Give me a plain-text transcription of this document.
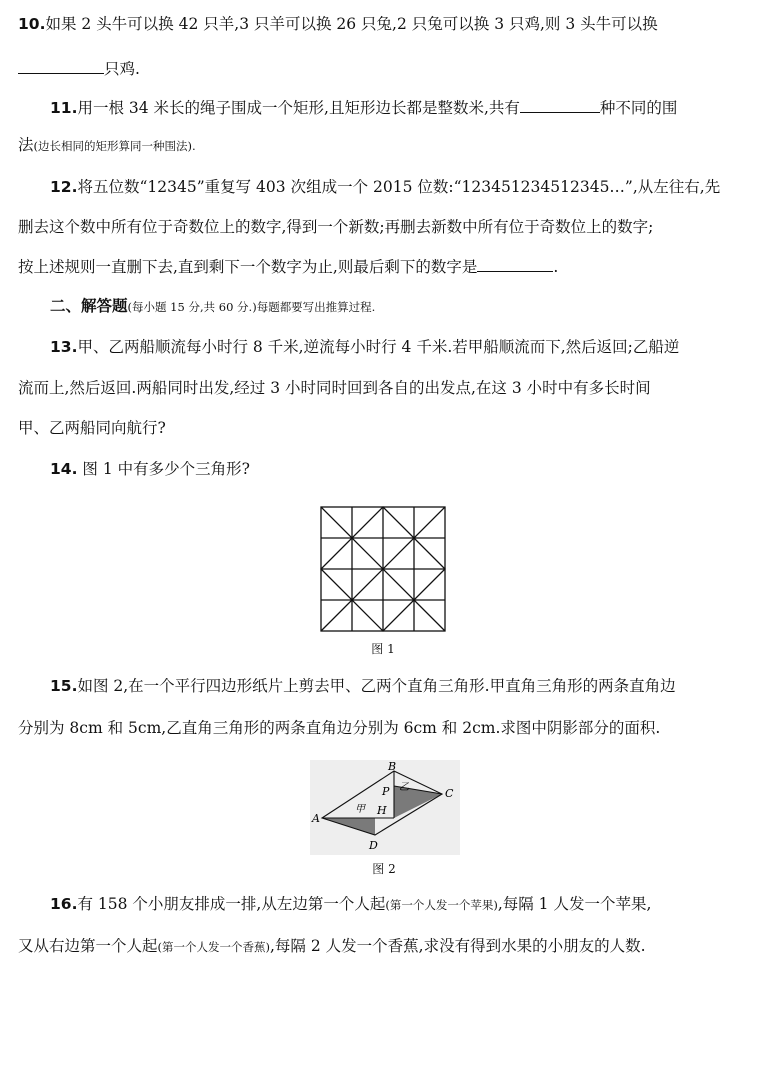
10.如果 2 头牛可以换 42 只羊,3 只羊可以换 26 只兔,2 只兔可以换 3 只鸡,则 3 头牛可以换
只鸡.
11.用一根 34 米长的绳子围成一个矩形,且矩形边长都是整数米,共有	种不同的围
法(边长相同的矩形算同一种围法).
12.将五位数“12345”重复写 403 次组成一个 2015 位数:“123451234512345…”,从左往右,先
删去这个数中所有位于奇数位上的数字,得到一个新数;再删去新数中所有位于奇数位上的数字;
按上述规则一直删下去,直到剩下一个数字为止,则最后剩下的数字是	.
二、解答题(每小题 15 分,共 60 分.)每题都要写出推算过程.
13.甲、乙两船顺流每小时行 8 千米,逆流每小时行 4 千米.若甲船顺流而下,然后返回;乙船逆
流而上,然后返回.两船同时出发,经过 3 小时同时回到各自的出发点,在这 3 小时中有多长时间
甲、乙两船同向航行?
14. 图 1 中有多少个三角形?
图 1
15.如图 2,在一个平行四边形纸片上剪去甲、乙两个直角三角形.甲直角三角形的两条直角边
分别为 8cm 和 5cm,乙直角三角形的两条直角边分别为 6cm 和 2cm.求图中阴影部分的面积.
B
C
A
D
P
H
甲
乙
图 2
16.有 158 个小朋友排成一排,从左边第一个人起(第一个人发一个苹果),每隔 1 人发一个苹果,
又从右边第一个人起(第一个人发一个香蕉),每隔 2 人发一个香蕉,求没有得到水果的小朋友的人数.
